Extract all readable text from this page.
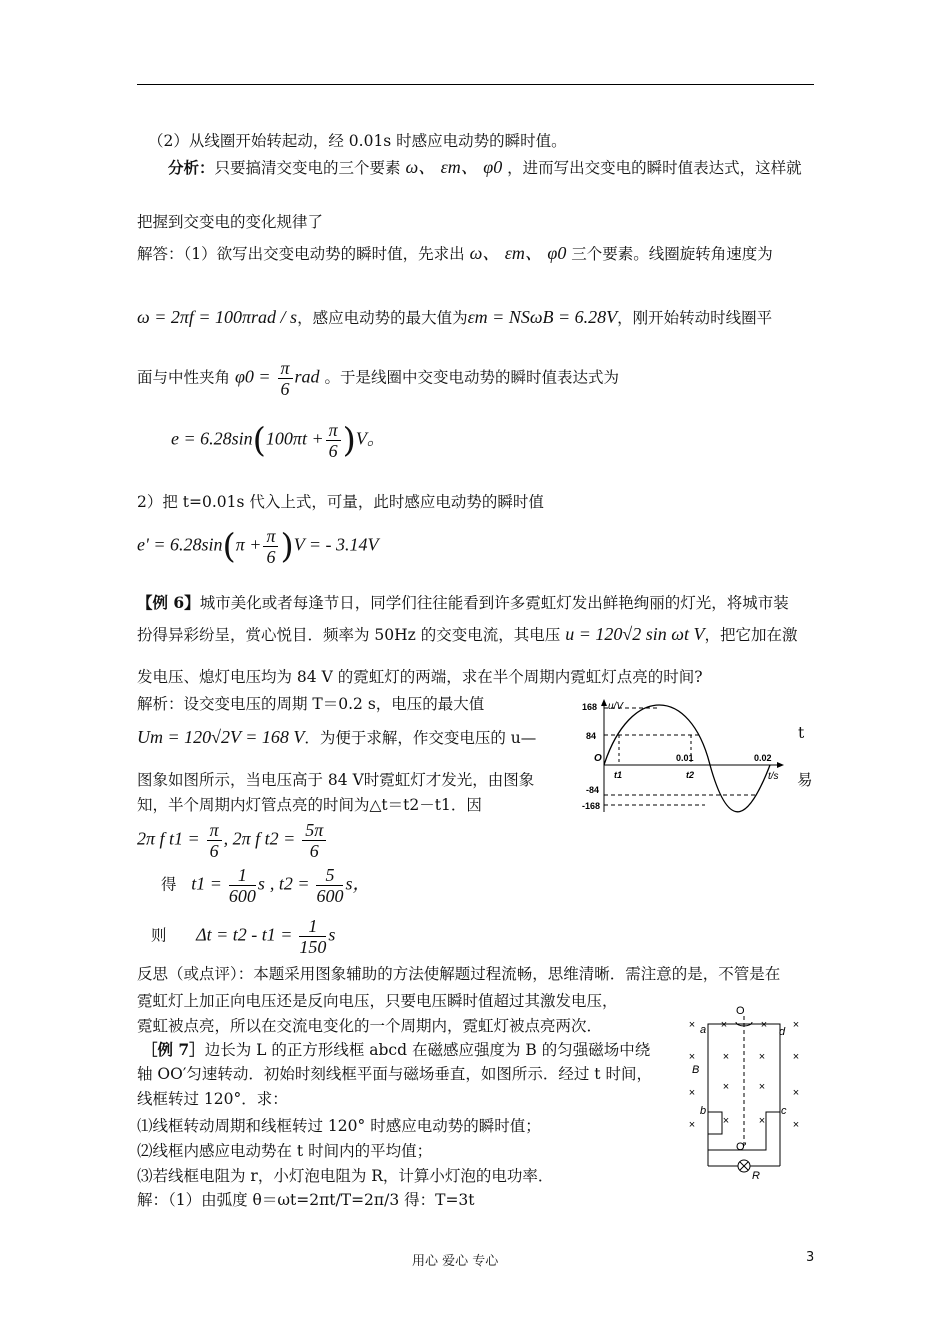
（2）从线圈开始转起动，经 0.01s 时感应电动势的瞬时值。
分析：只要搞清交变电的三个要素 ω、 εm、 φ0 ，进而写出交变电的瞬时值表达式，这样就
把握到交变电的变化规律了
解答：（1）欲写出交变电动势的瞬时值，先求出 ω、 εm、 φ0 三个要素。线圈旋转角速度为
ω = 2πf = 100πrad / s，感应电动势的最大值为εm = NSωB = 6.28V，刚开始转动时线圈平
面与中性夹角 $\varphi 0 = \frac{\pi}{6}$ rad 。于是线圈中交变电动势的瞬时值表达式为
$e = 6.28\sin(100\pi t + \frac{\pi}{6} )V$。
2）把 t=0.01s 代入上式，可量，此时感应电动势的瞬时值
$e' = 6.28\sin(\pi + \frac{\pi}{6} )V$ = - 3.14V
【例 6】城市美化或者每逢节日，同学们往往能看到许多霓虹灯发出鲜艳绚丽的灯光，将城市装
扮得异彩纷呈，赏心悦目．频率为 50Hz 的交变电流，其电压 u = 120√2 sin ωt V，把它加在激
发电压、熄灯电压均为 84 V 的霓虹灯的两端，求在半个周期内霓虹灯点亮的时间?
解析：设交变电压的周期 T＝0.2 s，电压的最大值
Um = 120√2V = 168 V．为便于求解，作交变电压的 u—	t
图象如图所示，当电压高于 84 V时霓虹灯才发光，由图象	易
知，半个周期内灯管点亮的时间为△t＝t2－t1．因
2π f $t1 = \frac{\pi}{6}$ , 2π f $t2 = \frac{5\pi}{6}$
得 $t1 = \frac{1}{600}$ s , $t2 = \frac{5}{600}$ s，
则 $\Delta t = t2 - t1 = \frac{1}{150}$ s
反思（或点评）：本题采用图象辅助的方法使解题过程流畅，思维清晰．需注意的是，不管是在
霓虹灯上加正向电压还是反向电压，只要电压瞬时值超过其激发电压，
霓虹被点亮，所以在交流电变化的一个周期内，霓虹灯被点亮两次．
［例 7］边长为 L 的正方形线框 abcd 在磁感应强度为 B 的匀强磁场中绕
轴 OO′匀速转动．初始时刻线框平面与磁场垂直，如图所示．经过 t 时间，
线框转过 120°．求：
⑴线框转动周期和线框转过 120° 时感应电动势的瞬时值；
⑵线框内感应电动势在 t 时间内的平均值；
⑶若线框电阻为 r，小灯泡电阻为 R，计算小灯泡的电功率．
解：（1）由弧度 θ＝ωt=2πt/T=2π/3 得：T=3t
u/V
t/s
168
84
O
-84
-168
t1	t2
0.01	0.02
O
a	d
B
b	c
O'
R
× ×	× ×
×	×	×	×
×	×
×	×
×	×	×	×
用心 爱心 专心	3
